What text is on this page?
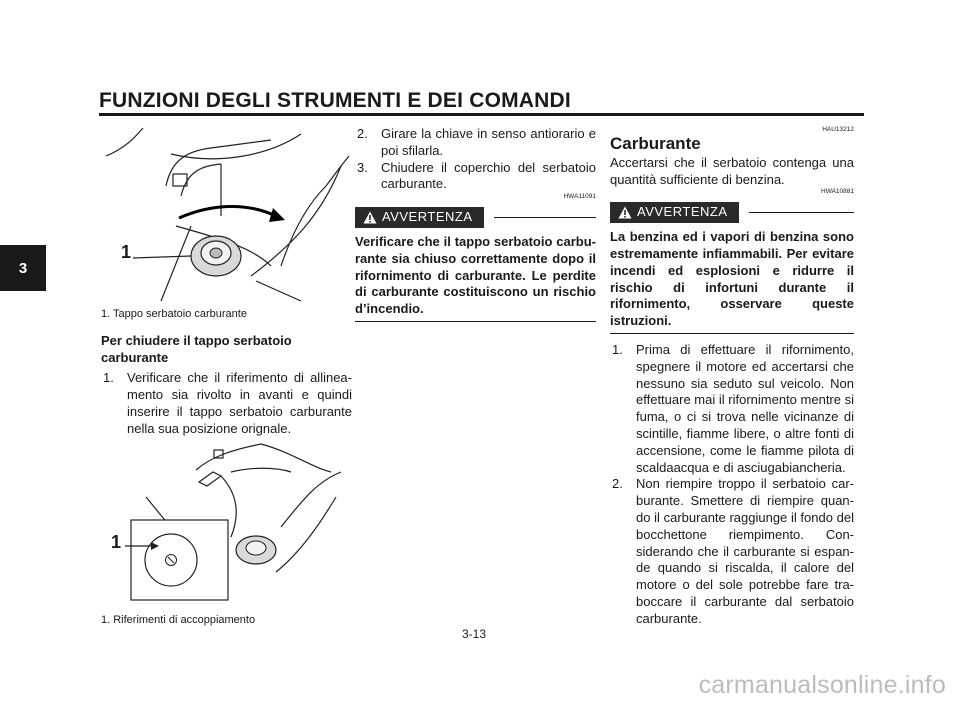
FUNZIONI DEGLI STRUMENTI E DEI COMANDI
3
1

1. Tappo serbatoio carburante

Per chiudere il tappo serbatoio carburante
1. Verificare che il riferimento di allinea-mento sia rivolto in avanti e quindi inserire il tappo serbatoio carburante nella sua posizione orignale.
1

1. Riferimenti di accoppiamento

2. Girare la chiave in senso antiorario e poi sfilarla.
3. Chiudere il coperchio del serbatoio carburante.

HWA11091

AVVERTENZA

Verificare che il tappo serbatoio carbu-rante sia chiuso correttamente dopo il rifornimento di carburante. Le perdite di carburante costituiscono un rischio d’incendio.

HAU13212

Carburante

Accertarsi che il serbatoio contenga una quantità sufficiente di benzina.

HWA10881

AVVERTENZA

La benzina ed i vapori di benzina sono estremamente infiammabili. Per evitare incendi ed esplosioni e ridurre il rischio di infortuni durante il rifornimento, osservare queste istruzioni.

1. Prima di effettuare il rifornimento, spegnere il motore ed accertarsi che nessuno sia seduto sul veicolo. Non effettuare mai il rifornimento mentre si fuma, o ci si trova nelle vicinanze di scintille, fiamme libere, o altre fonti di accensione, come le fiamme pilota di scaldaacqua e di asciugabiancheria.
2. Non riempire troppo il serbatoio car-burante. Smettere di riempire quan-do il carburante raggiunge il fondo del bocchettone riempimento. Con-siderando che il carburante si espan-de quando si riscalda, il calore del motore o del sole potrebbe fare tra-boccare il carburante dal serbatoio carburante.
3-13
carmanualsonline.info
